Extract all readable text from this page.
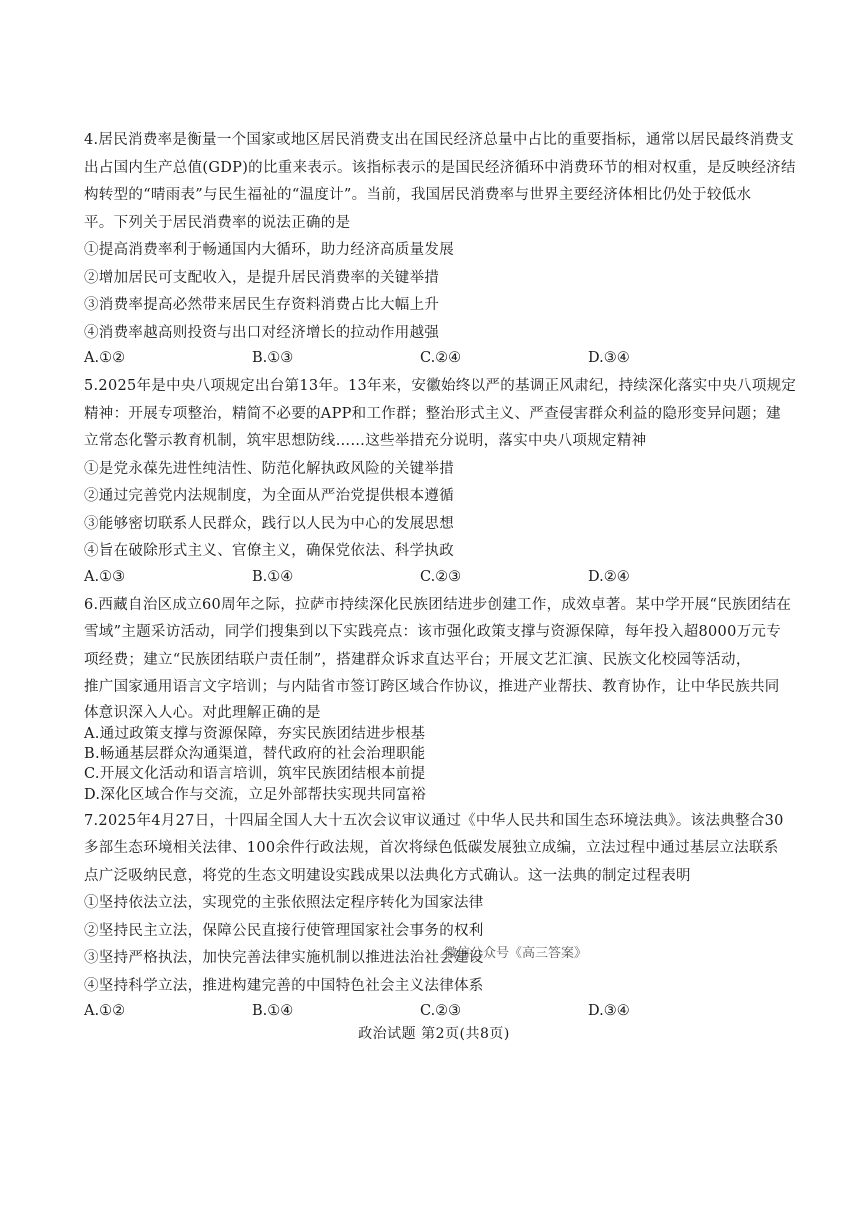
4.居民消费率是衡量一个国家或地区居民消费支出在国民经济总量中占比的重要指标，通常以居民最终消费支
出占国内生产总值(GDP)的比重来表示。该指标表示的是国民经济循环中消费环节的相对权重，是反映经济结
构转型的“晴雨表”与民生福祉的“温度计”。当前，我国居民消费率与世界主要经济体相比仍处于较低水
平。下列关于居民消费率的说法正确的是
①提高消费率利于畅通国内大循环，助力经济高质量发展
②增加居民可支配收入，是提升居民消费率的关键举措
③消费率提高必然带来居民生存资料消费占比大幅上升
④消费率越高则投资与出口对经济增长的拉动作用越强
A.①②	B.①③	C.②④	D.③④
5.2025年是中央八项规定出台第13年。13年来，安徽始终以严的基调正风肃纪，持续深化落实中央八项规定
精神：开展专项整治，精简不必要的APP和工作群；整治形式主义、严查侵害群众利益的隐形变异问题；建
立常态化警示教育机制，筑牢思想防线……这些举措充分说明，落实中央八项规定精神
①是党永葆先进性纯洁性、防范化解执政风险的关键举措
②通过完善党内法规制度，为全面从严治党提供根本遵循
③能够密切联系人民群众，践行以人民为中心的发展思想
④旨在破除形式主义、官僚主义，确保党依法、科学执政
A.①③	B.①④	C.②③	D.②④
6.西藏自治区成立60周年之际，拉萨市持续深化民族团结进步创建工作，成效卓著。某中学开展“民族团结在
雪域”主题采访活动，同学们搜集到以下实践亮点：该市强化政策支撑与资源保障，每年投入超8000万元专
项经费；建立“民族团结联户责任制”，搭建群众诉求直达平台；开展文艺汇演、民族文化校园等活动，
推广国家通用语言文字培训；与内陆省市签订跨区域合作协议，推进产业帮扶、教育协作，让中华民族共同
体意识深入人心。对此理解正确的是
A.通过政策支撑与资源保障，夯实民族团结进步根基
B.畅通基层群众沟通渠道，替代政府的社会治理职能
C.开展文化活动和语言培训，筑牢民族团结根本前提
D.深化区域合作与交流，立足外部帮扶实现共同富裕
7.2025年4月27日，十四届全国人大十五次会议审议通过《中华人民共和国生态环境法典》。该法典整合30
多部生态环境相关法律、100余件行政法规，首次将绿色低碳发展独立成编，立法过程中通过基层立法联系
点广泛吸纳民意，将党的生态文明建设实践成果以法典化方式确认。这一法典的制定过程表明
①坚持依法立法，实现党的主张依照法定程序转化为国家法律
②坚持民主立法，保障公民直接行使管理国家社会事务的权利
③坚持严格执法，加快完善法律实施机制以推进法治社会建设
④坚持科学立法，推进构建完善的中国特色社会主义法律体系
A.①②	B.①④	C.②③	D.③④
微信公众号《高三答案》
政治试题 第2页(共8页)
